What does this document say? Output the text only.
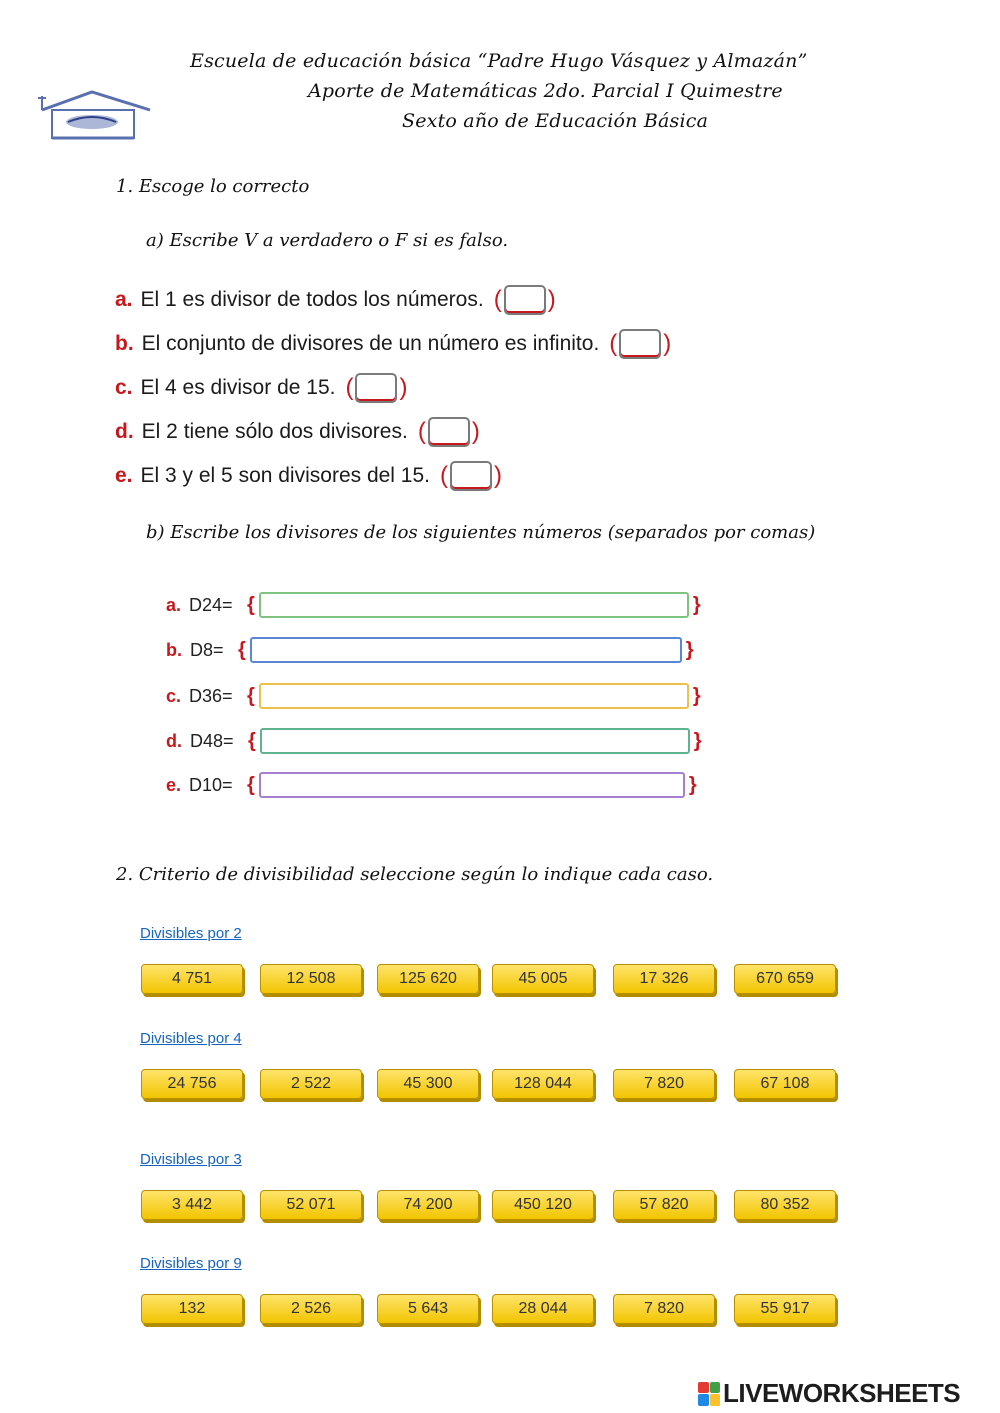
Escuela de educación básica “Padre Hugo Vásquez y Almazán”
Aporte de Matemáticas 2do. Parcial I Quimestre
Sexto año de Educación Básica
1. Escoge lo correcto
a) Escribe V a verdadero o F si es falso.
a. El 1 es divisor de todos los números. ( )
b. El conjunto de divisores de un número es infinito. ( )
c. El 4 es divisor de 15. ( )
d. El 2 tiene sólo dos divisores. ( )
e. El 3 y el 5 son divisores del 15. ( )
b) Escribe los divisores de los siguientes números (separados por comas)
a. D24= {	}
b. D8= {	}
c. D36= {	}
d. D48= {	}
e. D10= {	}
2. Criterio de divisibilidad seleccione según lo indique cada caso.
Divisibles por 2
4 751	12 508	125 620	45 005	17 326	670 659
Divisibles por 4
24 756	2 522	45 300	128 044	7 820	67 108
Divisibles por 3
3 442	52 071	74 200	450 120	57 820	80 352
Divisibles por 9
132	2 526	5 643	28 044	7 820	55 917
LIVEWORKSHEETS
